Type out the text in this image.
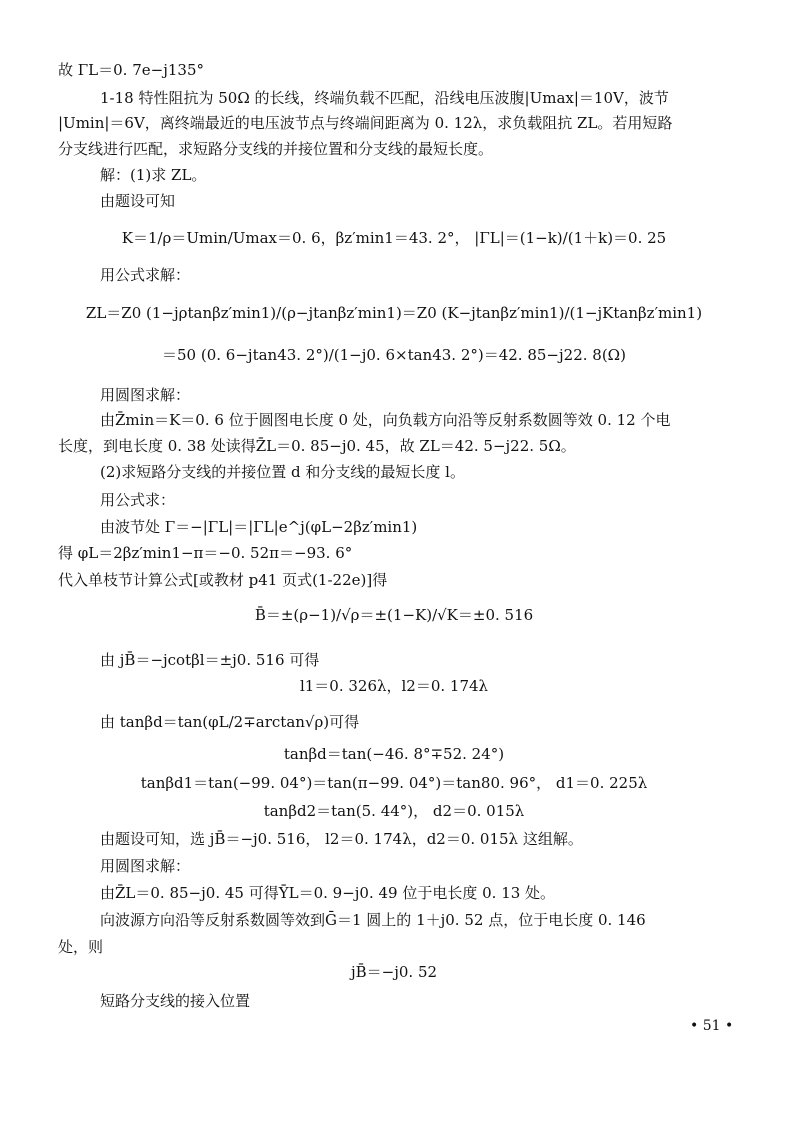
故 ΓL＝0. 7e−j135°
1-18 特性阻抗为 50Ω 的长线，终端负载不匹配，沿线电压波腹|Umax|＝10V，波节
|Umin|＝6V，离终端最近的电压波节点与终端间距离为 0. 12λ，求负载阻抗 ZL。若用短路
分支线进行匹配，求短路分支线的并接位置和分支线的最短长度。
解：(1)求 ZL。
由题设可知
K＝1/ρ＝Umin/Umax＝0. 6，βz′min1＝43. 2°， |ΓL|＝(1−k)/(1＋k)＝0. 25
用公式求解：
ZL＝Z0 (1−jρtanβz′min1)/(ρ−jtanβz′min1)＝Z0 (K−jtanβz′min1)/(1−jKtanβz′min1)
＝50 (0. 6−jtan43. 2°)/(1−j0. 6×tan43. 2°)＝42. 85−j22. 8(Ω)
用圆图求解：
由Z̄min＝K＝0. 6 位于圆图电长度 0 处，向负载方向沿等反射系数圆等效 0. 12 个电
长度，到电长度 0. 38 处读得Z̄L＝0. 85−j0. 45，故 ZL＝42. 5−j22. 5Ω。
(2)求短路分支线的并接位置 d 和分支线的最短长度 l。
用公式求：
由波节处 Γ＝−|ΓL|＝|ΓL|e^j(φL−2βz′min1)
得 φL＝2βz′min1−π＝−0. 52π＝−93. 6°
代入单枝节计算公式[或教材 p41 页式(1-22e)]得
B̄＝±(ρ−1)/√ρ＝±(1−K)/√K＝±0. 516
由 jB̄＝−jcotβl＝±j0. 516 可得
l1＝0. 326λ，l2＝0. 174λ
由 tanβd＝tan(φL/2∓arctan√ρ)可得
tanβd＝tan(−46. 8°∓52. 24°)
tanβd1＝tan(−99. 04°)＝tan(π−99. 04°)＝tan80. 96°， d1＝0. 225λ
tanβd2＝tan(5. 44°)， d2＝0. 015λ
由题设可知，选 jB̄＝−j0. 516， l2＝0. 174λ，d2＝0. 015λ 这组解。
用圆图求解：
由Z̄L＝0. 85−j0. 45 可得ȲL＝0. 9−j0. 49 位于电长度 0. 13 处。
向波源方向沿等反射系数圆等效到Ḡ＝1 圆上的 1＋j0. 52 点，位于电长度 0. 146
处，则
jB̄＝−j0. 52
短路分支线的接入位置
• 51 •
